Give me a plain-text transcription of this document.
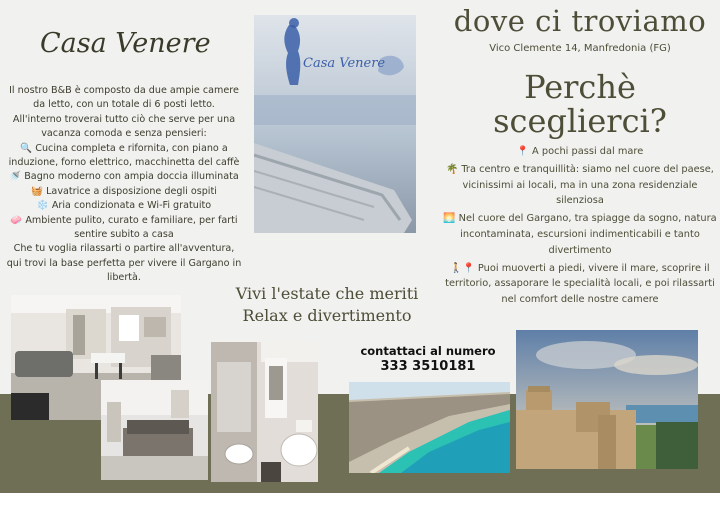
Casa Venere

Il nostro B&B è composto da due ampie camere da letto, con un totale di 6 posti letto.

All'interno troverai tutto ciò che serve per una vacanza comoda e senza pensieri:

🔍 Cucina completa e rifornita, con piano a induzione, forno elettrico, macchinetta del caffè

🚿 Bagno moderno con ampia doccia illuminata

🧺 Lavatrice a disposizione degli ospiti

❄️ Aria condizionata e Wi-Fi gratuito

🧼 Ambiente pulito, curato e familiare, per farti sentire subito a casa

Che tu voglia rilassarti o partire all'avventura, qui trovi la base perfetta per vivere il Gargano in libertà.

Casa Venere
Vivi l'estate che meriti
Relax e divertimento
contattaci al numero
333 3510181
dove ci troviamo
Vico Clemente 14, Manfredonia (FG)
Perchè
sceglierci?

📍 A pochi passi dal mare

🌴 Tra centro e tranquillità: siamo nel cuore del paese, vicinissimi ai locali, ma in una zona residenziale silenziosa

🌅 Nel cuore del Gargano, tra spiagge da sogno, natura incontaminata, escursioni indimenticabili e tanto divertimento

🚶📍 Puoi muoverti a piedi, vivere il mare, scoprire il territorio, assaporare le specialità locali, e poi rilassarti nel comfort delle nostre camere
